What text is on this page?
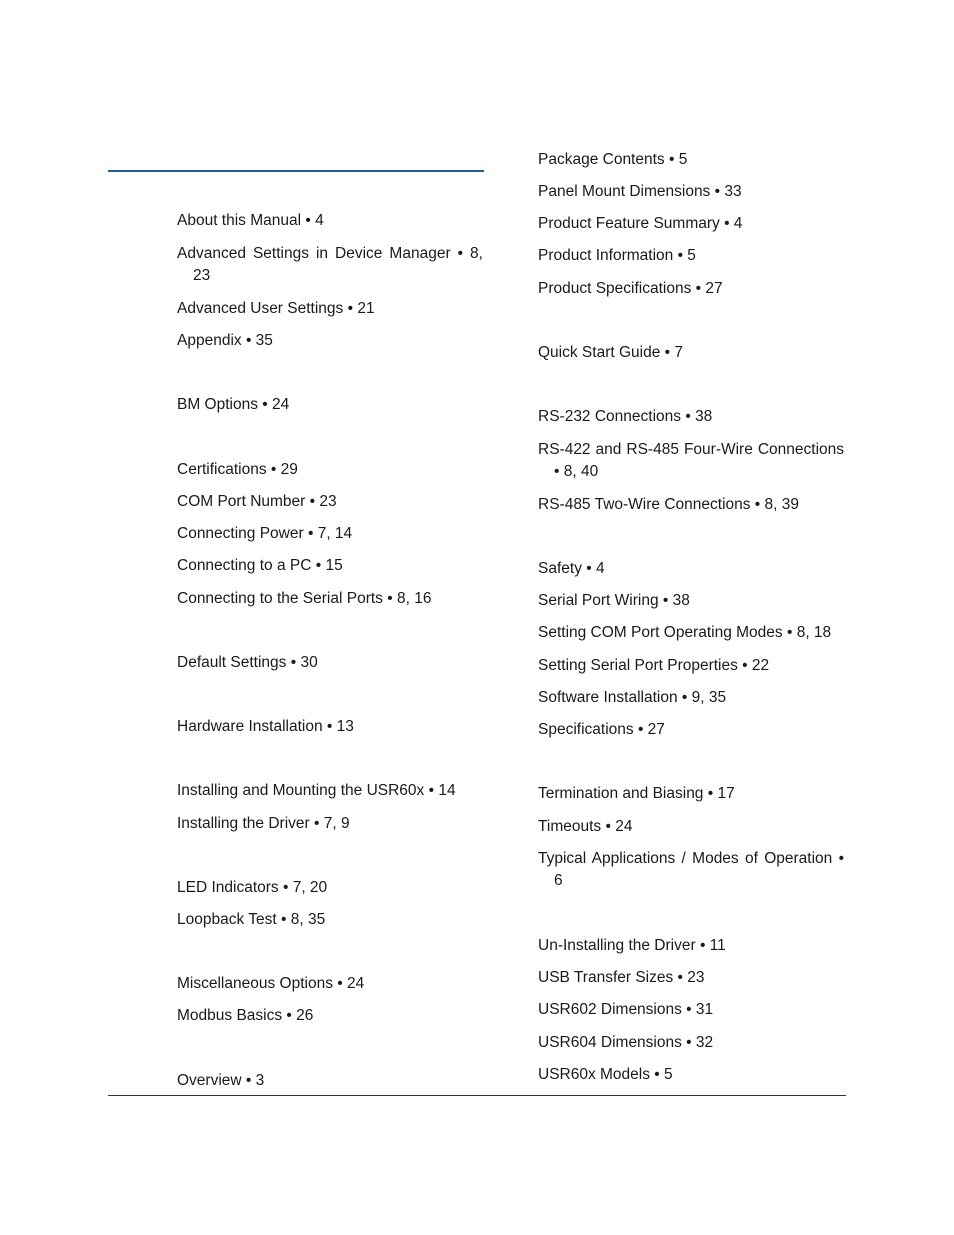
About this Manual • 4
Advanced Settings in Device Manager • 8, 23
Advanced User Settings • 21
Appendix • 35
BM Options • 24
Certifications • 29
COM Port Number • 23
Connecting Power • 7, 14
Connecting to a PC • 15
Connecting to the Serial Ports • 8, 16
Default Settings • 30
Hardware Installation • 13
Installing and Mounting the USR60x • 14
Installing the Driver • 7, 9
LED Indicators • 7, 20
Loopback Test • 8, 35
Miscellaneous Options • 24
Modbus Basics • 26
Overview • 3
Package Contents • 5
Panel Mount Dimensions • 33
Product Feature Summary • 4
Product Information • 5
Product Specifications • 27
Quick Start Guide • 7
RS-232 Connections • 38
RS-422 and RS-485 Four-Wire Connections • 8, 40
RS-485 Two-Wire Connections • 8, 39
Safety • 4
Serial Port Wiring • 38
Setting COM Port Operating Modes • 8, 18
Setting Serial Port Properties • 22
Software Installation • 9, 35
Specifications • 27
Termination and Biasing • 17
Timeouts • 24
Typical Applications / Modes of Operation • 6
Un-Installing the Driver • 11
USB Transfer Sizes • 23
USR602 Dimensions • 31
USR604 Dimensions • 32
USR60x Models • 5
